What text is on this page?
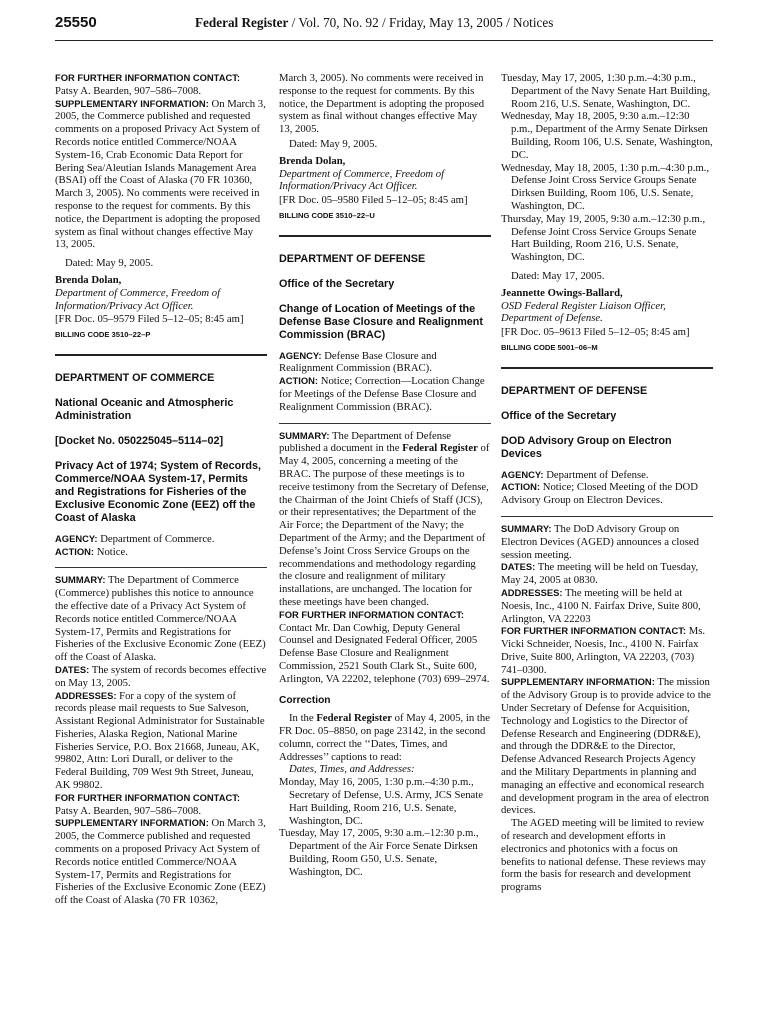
25550	Federal Register / Vol. 70, No. 92 / Friday, May 13, 2005 / Notices

FOR FURTHER INFORMATION CONTACT:
Patsy A. Bearden, 907–586–7008.

SUPPLEMENTARY INFORMATION: On March 3, 2005, the Commerce published and requested comments on a proposed Privacy Act System of Records notice entitled Commerce/NOAA System-16, Crab Economic Data Report for Bering Sea/Aleutian Islands Management Area (BSAI) off the Coast of Alaska (70 FR 10360, March 3, 2005). No comments were received in response to the request for comments. By this notice, the Department is adopting the proposed system as final without changes effective May 13, 2005.

Dated: May 9, 2005.

Brenda Dolan,

Department of Commerce, Freedom of Information/Privacy Act Officer.

[FR Doc. 05–9579 Filed 5–12–05; 8:45 am]

BILLING CODE 3510–22–P

DEPARTMENT OF COMMERCE

National Oceanic and Atmospheric Administration

[Docket No. 050225045–5114–02]

Privacy Act of 1974; System of Records, Commerce/NOAA System-17, Permits and Registrations for Fisheries of the Exclusive Economic Zone (EEZ) off the Coast of Alaska

AGENCY: Department of Commerce.

ACTION: Notice.

SUMMARY: The Department of Commerce (Commerce) publishes this notice to announce the effective date of a Privacy Act System of Records notice entitled Commerce/NOAA System-17, Permits and Registrations for Fisheries of the Exclusive Economic Zone (EEZ) off the Coast of Alaska.

DATES: The system of records becomes effective on May 13, 2005.

ADDRESSES: For a copy of the system of records please mail requests to Sue Salveson, Assistant Regional Administrator for Sustainable Fisheries, Alaska Region, National Marine Fisheries Service, P.O. Box 21668, Juneau, AK, 99802, Attn: Lori Durall, or deliver to the Federal Building, 709 West 9th Street, Juneau, AK 99802.

FOR FURTHER INFORMATION CONTACT:
Patsy A. Bearden, 907–586–7008.

SUPPLEMENTARY INFORMATION: On March 3, 2005, the Commerce published and requested comments on a proposed Privacy Act System of Records notice entitled Commerce/NOAA System-17, Permits and Registrations for Fisheries of the Exclusive Economic Zone (EEZ) off the Coast of Alaska (70 FR 10362,

March 3, 2005). No comments were received in response to the request for comments. By this notice, the Department is adopting the proposed system as final without changes effective May 13, 2005.

Dated: May 9, 2005.

Brenda Dolan,

Department of Commerce, Freedom of Information/Privacy Act Officer.

[FR Doc. 05–9580 Filed 5–12–05; 8:45 am]

BILLING CODE 3510–22–U

DEPARTMENT OF DEFENSE

Office of the Secretary

Change of Location of Meetings of the Defense Base Closure and Realignment Commission (BRAC)

AGENCY: Defense Base Closure and Realignment Commission (BRAC).

ACTION: Notice; Correction—Location Change for Meetings of the Defense Base Closure and Realignment Commission (BRAC).

SUMMARY: The Department of Defense published a document in the Federal Register of May 4, 2005, concerning a meeting of the BRAC. The purpose of these meetings is to receive testimony from the Secretary of Defense, the Chairman of the Joint Chiefs of Staff (JCS), or their representatives; the Department of the Air Force; the Department of the Navy; the Department of the Army; and the Department of Defense’s Joint Cross Service Groups on the recommendations and methodology regarding the closure and realignment of military installations, are unchanged. The location for these meetings have been changed.

FOR FURTHER INFORMATION CONTACT:
Contact Mr. Dan Cowhig, Deputy General Counsel and Designated Federal Officer, 2005 Defense Base Closure and Realignment Commission, 2521 South Clark St., Suite 600, Arlington, VA 22202, telephone (703) 699–2974.

Correction

In the Federal Register of May 4, 2005, in the FR Doc. 05–8850, on page 23142, in the second column, correct the ‘‘Dates, Times, and Addresses’’ captions to read:

Dates, Times, and Addresses:

Monday, May 16, 2005, 1:30 p.m.–4:30 p.m., Secretary of Defense, U.S. Army, JCS Senate Hart Building, Room 216, U.S. Senate, Washington, DC.

Tuesday, May 17, 2005, 9:30 a.m.–12:30 p.m., Department of the Air Force Senate Dirksen Building, Room G50, U.S. Senate, Washington, DC.

Tuesday, May 17, 2005, 1:30 p.m.–4:30 p.m., Department of the Navy Senate Hart Building, Room 216, U.S. Senate, Washington, DC.

Wednesday, May 18, 2005, 9:30 a.m.–12:30 p.m., Department of the Army Senate Dirksen Building, Room 106, U.S. Senate, Washington, DC.

Wednesday, May 18, 2005, 1:30 p.m.–4:30 p.m., Defense Joint Cross Service Groups Senate Dirksen Building, Room 106, U.S. Senate, Washington, DC.

Thursday, May 19, 2005, 9:30 a.m.–12:30 p.m., Defense Joint Cross Service Groups Senate Hart Building, Room 216, U.S. Senate, Washington, DC.

Dated: May 17, 2005.

Jeannette Owings-Ballard,

OSD Federal Register Liaison Officer, Department of Defense.

[FR Doc. 05–9613 Filed 5–12–05; 8:45 am]

BILLING CODE 5001–06–M

DEPARTMENT OF DEFENSE

Office of the Secretary

DOD Advisory Group on Electron Devices

AGENCY: Department of Defense.

ACTION: Notice; Closed Meeting of the DOD Advisory Group on Electron Devices.

SUMMARY: The DoD Advisory Group on Electron Devices (AGED) announces a closed session meeting.

DATES: The meeting will be held on Tuesday, May 24, 2005 at 0830.

ADDRESSES: The meeting will be held at Noesis, Inc., 4100 N. Fairfax Drive, Suite 800, Arlington, VA 22203

FOR FURTHER INFORMATION CONTACT: Ms. Vicki Schneider, Noesis, Inc., 4100 N. Fairfax Drive, Suite 800, Arlington, VA 22203, (703) 741–0300.

SUPPLEMENTARY INFORMATION: The mission of the Advisory Group is to provide advice to the Under Secretary of Defense for Acquisition, Technology and Logistics to the Director of Defense Research and Engineering (DDR&E), and through the DDR&E to the Director, Defense Advanced Research Projects Agency and the Military Departments in planning and managing an effective and economical research and development program in the area of electron devices.

The AGED meeting will be limited to review of research and development efforts in electronics and photonics with a focus on benefits to national defense. These reviews may form the basis for research and development programs
